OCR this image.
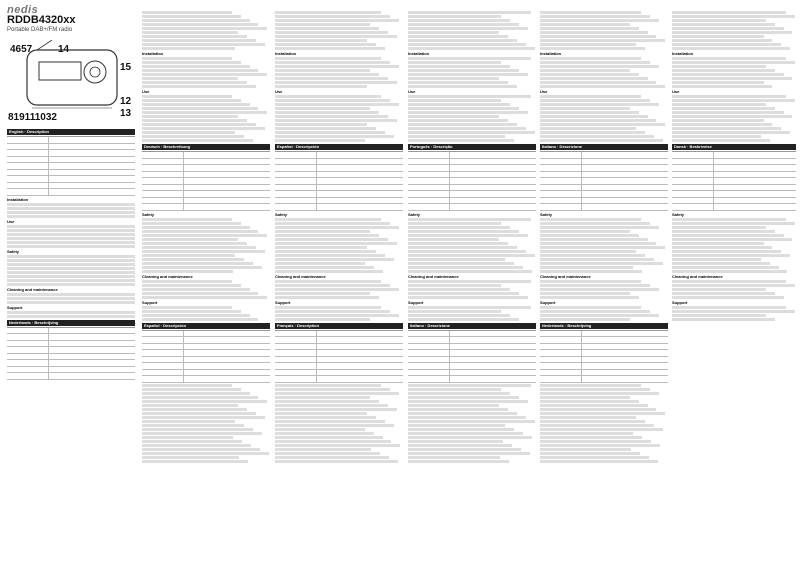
nedis
RDDB4320xx
Portable DAB+/FM radio
4657	14
15
12
13
819111032
English · Description
Installation
Use
Safety
Cleaning and maintenance
Support
Nederlands · Beschrijving
Installation
Use
Deutsch · Beschreibung
Safety
Cleaning and maintenance
Support
Español · Descripción
Installation
Use
Español · Descripción
Safety
Cleaning and maintenance
Support
Français · Description
Installation
Use
Português · Descrição
Safety
Cleaning and maintenance
Support
Italiano · Descrizione
Installation
Use
Italiano · Descrizione
Safety
Cleaning and maintenance
Support
Nederlands · Beschrijving
Installation
Use
Dansk · Beskrivelse
Safety
Cleaning and maintenance
Support
